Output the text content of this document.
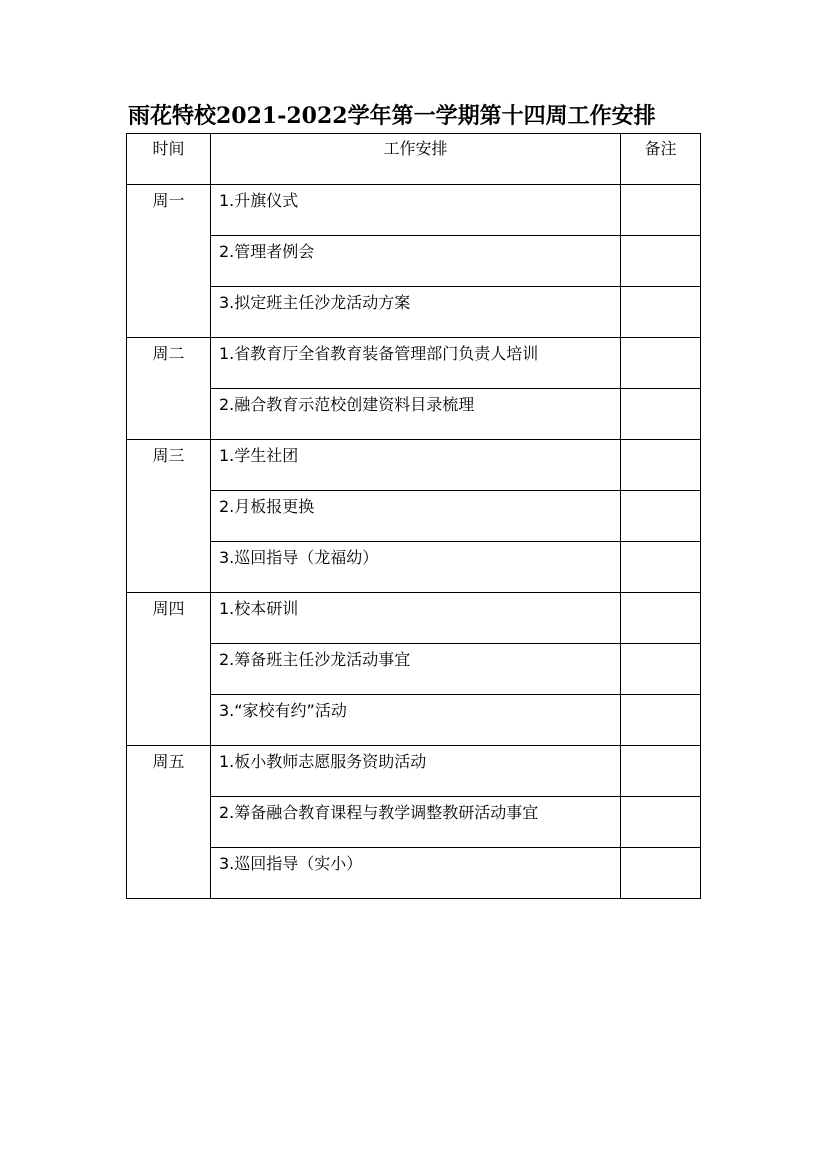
雨花特校2021-2022学年第一学期第十四周工作安排
时间	工作安排	备注

周一	1.升旗仪式	

	2.管理者例会	

	3.拟定班主任沙龙活动方案	

周二	1.省教育厅全省教育装备管理部门负责人培训	

	2.融合教育示范校创建资料目录梳理	

周三	1.学生社团	

	2.月板报更换	

	3.巡回指导（龙福幼）	

周四	1.校本研训	

	2.筹备班主任沙龙活动事宜	

	3.“家校有约”活动	

周五	1.板小教师志愿服务资助活动	

	2.筹备融合教育课程与教学调整教研活动事宜	

	3.巡回指导（实小）	
